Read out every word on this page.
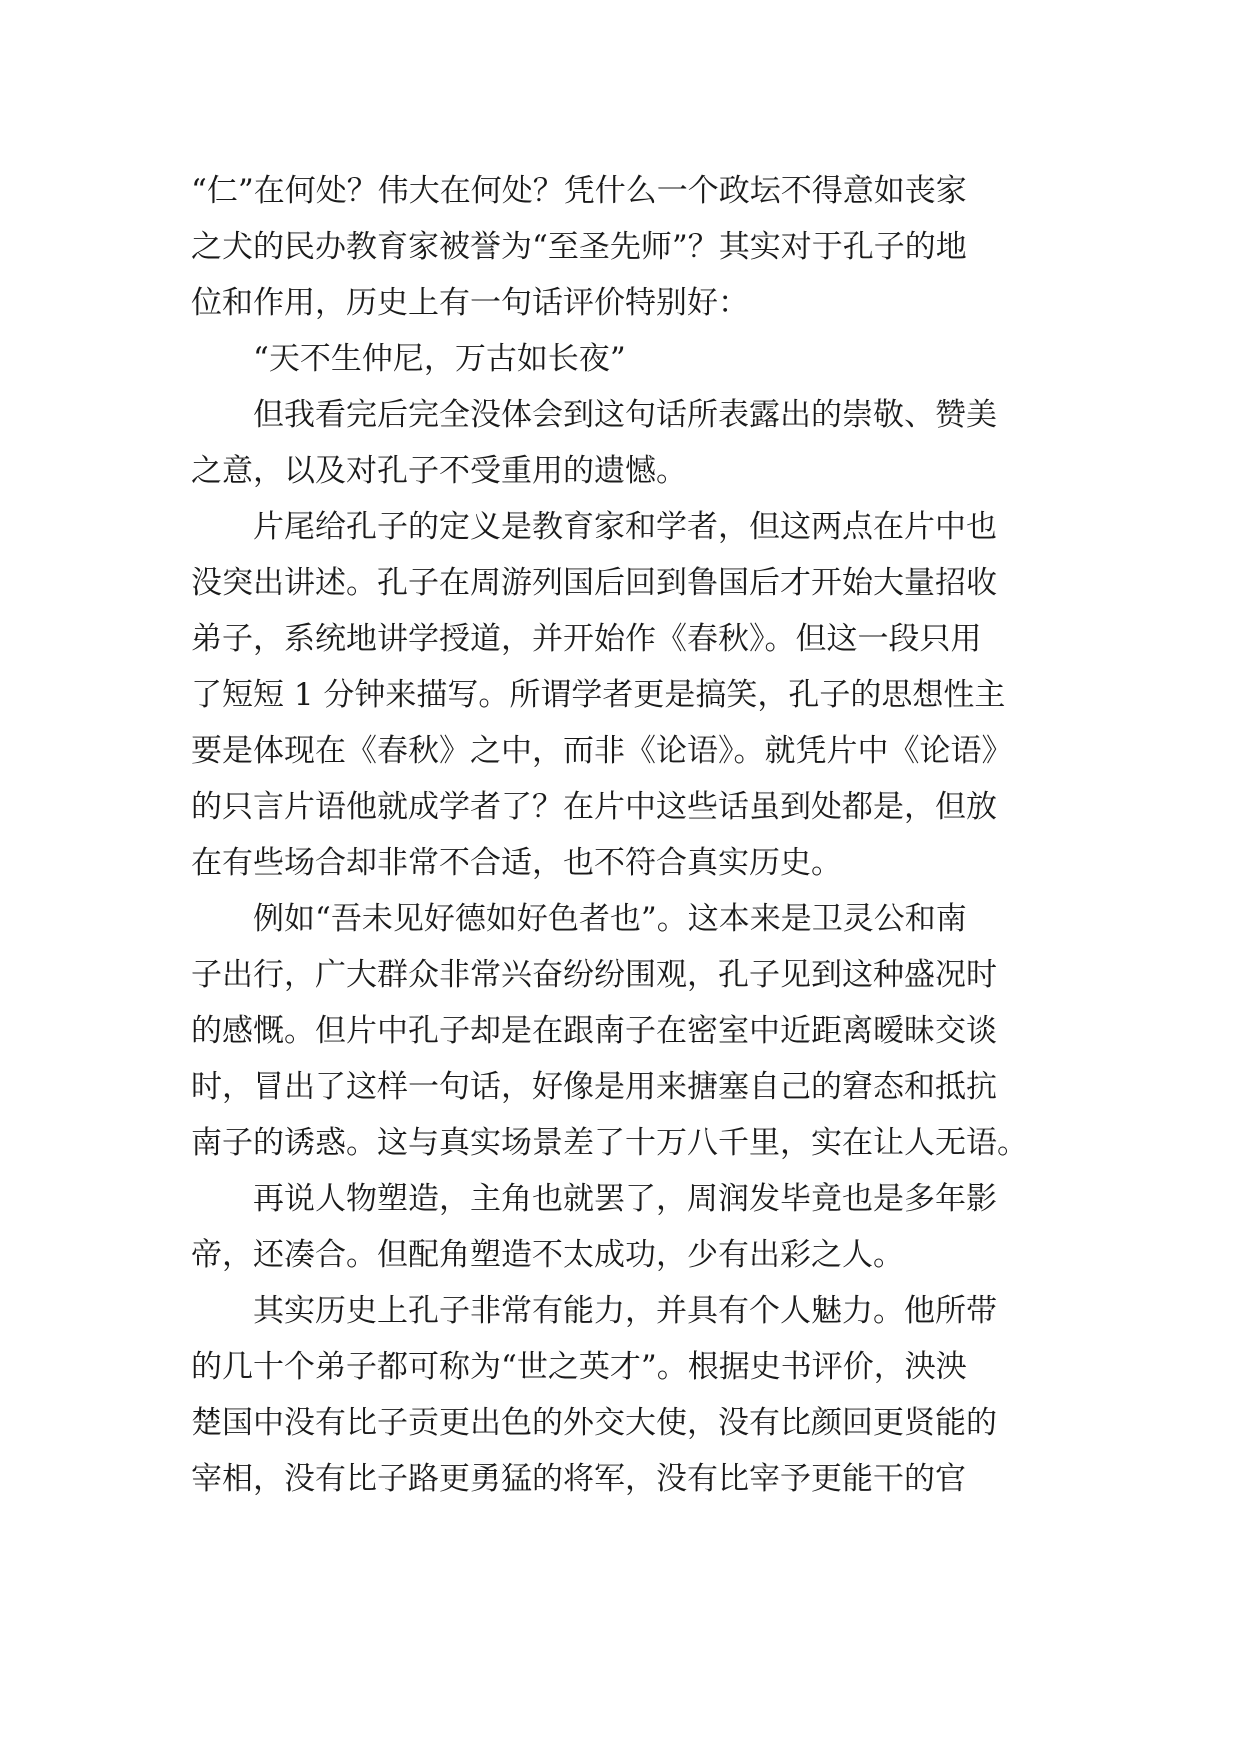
“仁”在何处？伟大在何处？凭什么一个政坛不得意如丧家
之犬的民办教育家被誉为“至圣先师”？其实对于孔子的地
位和作用，历史上有一句话评价特别好：
“天不生仲尼，万古如长夜”
但我看完后完全没体会到这句话所表露出的崇敬、赞美
之意，以及对孔子不受重用的遗憾。
片尾给孔子的定义是教育家和学者，但这两点在片中也
没突出讲述。孔子在周游列国后回到鲁国后才开始大量招收
弟子，系统地讲学授道，并开始作《春秋》。但这一段只用
了短短 1 分钟来描写。所谓学者更是搞笑，孔子的思想性主
要是体现在《春秋》之中，而非《论语》。就凭片中《论语》
的只言片语他就成学者了？在片中这些话虽到处都是，但放
在有些场合却非常不合适，也不符合真实历史。
例如“吾未见好德如好色者也”。这本来是卫灵公和南
子出行，广大群众非常兴奋纷纷围观，孔子见到这种盛况时
的感慨。但片中孔子却是在跟南子在密室中近距离暧昧交谈
时，冒出了这样一句话，好像是用来搪塞自己的窘态和抵抗
南子的诱惑。这与真实场景差了十万八千里，实在让人无语。
再说人物塑造，主角也就罢了，周润发毕竟也是多年影
帝，还凑合。但配角塑造不太成功，少有出彩之人。
其实历史上孔子非常有能力，并具有个人魅力。他所带
的几十个弟子都可称为“世之英才”。根据史书评价，泱泱
楚国中没有比子贡更出色的外交大使，没有比颜回更贤能的
宰相，没有比子路更勇猛的将军，没有比宰予更能干的官
